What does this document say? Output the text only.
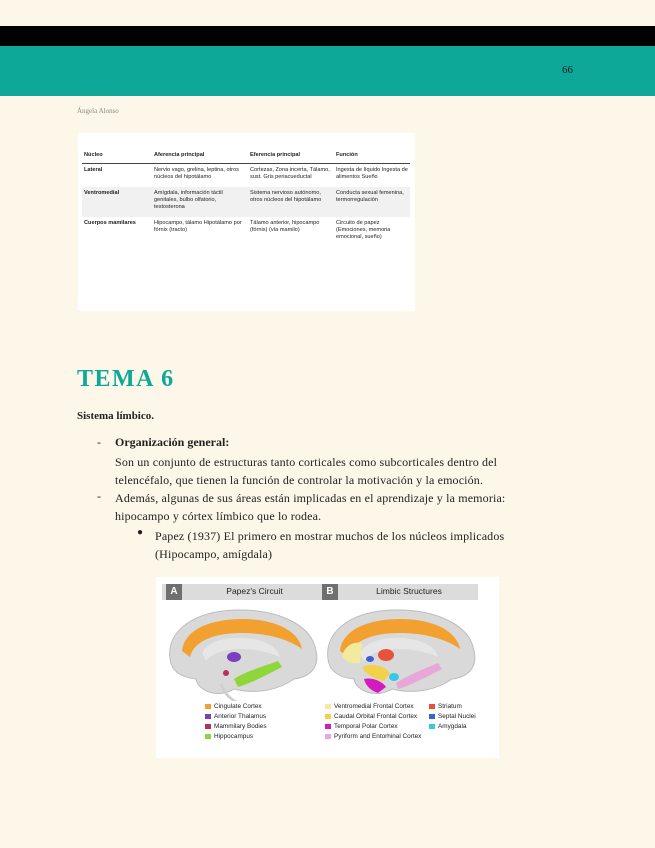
66
Ángela Alonso
Núcleo	Aferencia principal	Eferencia principal	Función
Lateral	Nervio vago, grelina, leptina, otros núcleos del hipotálamo	Cortezas, Zona incerta, Tálamo, sust. Gris periacueductal	Ingesta de líquido Ingesta de alimentos Sueño
Ventromedial	Amígdala, información táctil genitales, bulbo olfatorio, testosterona	Sistema nervioso autónomo, otros núcleos del hipotálamo	Conducta sexual femenina, termorregulación
Cuerpos mamilares	Hipocampo, tálamo Hipotálamo por fórnix (tracto)	Tálamo anterior, hipocampo (fórnix) (vía mamilo)	Circuito de papez (Emociones, memoria emocional, sueño)
TEMA 6
Sistema límbico.
- Organización general:
Son un conjunto de estructuras tanto corticales como subcorticales dentro del telencéfalo, que tienen la función de controlar la motivación y la emoción.
- Además, algunas de sus áreas están implicadas en el aprendizaje y la memoria: hipocampo y córtex límbico que lo rodea.
● Papez (1937) El primero en mostrar muchos de los núcleos implicados (Hipocampo, amígdala)
A	Papez's Circuit	B	Limbic Structures
Cingulate Cortex
Anterior Thalamus
Mammilary Bodies
Hippocampus
Ventromedial Frontal Cortex
Caudal Orbital Frontal Cortex
Temporal Polar Cortex
Pyriform and Entorhinal Cortex
Striatum
Septal Nuclei
Amygdala
